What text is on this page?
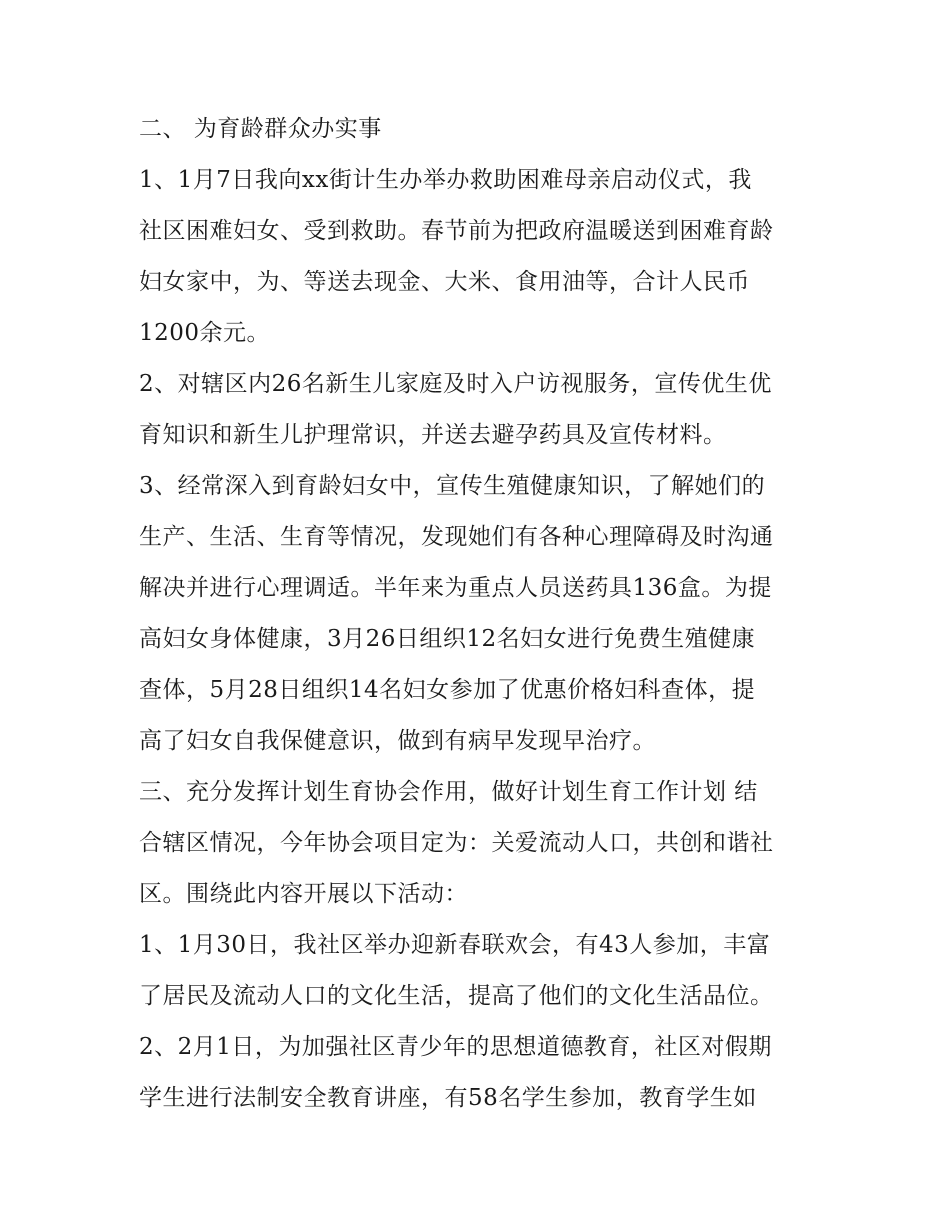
二、 为育龄群众办实事
1、1月7日我向xx街计生办举办救助困难母亲启动仪式，我
社区困难妇女、受到救助。春节前为把政府温暖送到困难育龄
妇女家中，为、等送去现金、大米、食用油等，合计人民币
1200余元。
2、对辖区内26名新生儿家庭及时入户访视服务，宣传优生优
育知识和新生儿护理常识，并送去避孕药具及宣传材料。
3、经常深入到育龄妇女中，宣传生殖健康知识，了解她们的
生产、生活、生育等情况，发现她们有各种心理障碍及时沟通
解决并进行心理调适。半年来为重点人员送药具136盒。为提
高妇女身体健康，3月26日组织12名妇女进行免费生殖健康
查体，5月28日组织14名妇女参加了优惠价格妇科查体，提
高了妇女自我保健意识，做到有病早发现早治疗。
三、充分发挥计划生育协会作用，做好计划生育工作计划 结
合辖区情况，今年协会项目定为：关爱流动人口，共创和谐社
区。围绕此内容开展以下活动：
1、1月30日，我社区举办迎新春联欢会，有43人参加，丰富
了居民及流动人口的文化生活，提高了他们的文化生活品位。
2、2月1日，为加强社区青少年的思想道德教育，社区对假期
学生进行法制安全教育讲座，有58名学生参加，教育学生如
